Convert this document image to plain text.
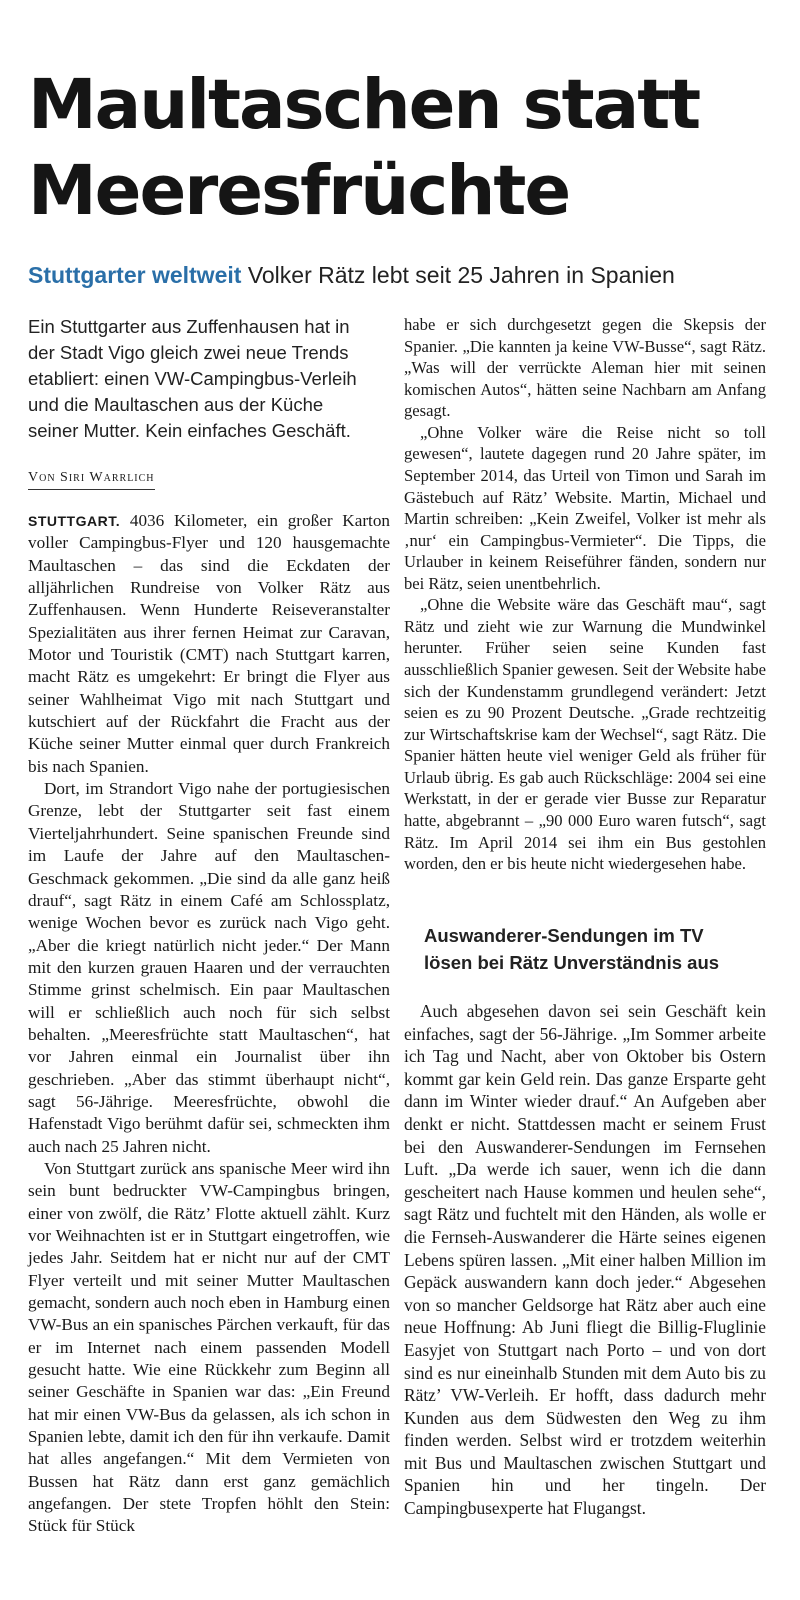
Maultaschen statt Meeresfrüchte

Stuttgarter weltweit Volker Rätz lebt seit 25 Jahren in Spanien

Ein Stuttgarter aus Zuffenhausen hat in der Stadt Vigo gleich zwei neue Trends etabliert: einen VW-Campingbus-Verleih und die Maultaschen aus der Küche seiner Mutter. Kein einfaches Geschäft.

Von Siri Warrlich

STUTTGART. 4036 Kilometer, ein großer Karton voller Campingbus-Flyer und 120 hausgemachte Maultaschen – das sind die Eckdaten der alljährlichen Rundreise von Volker Rätz aus Zuffenhausen. Wenn Hunderte Reiseveranstalter Spezialitäten aus ihrer fernen Heimat zur Caravan, Motor und Touristik (CMT) nach Stuttgart karren, macht Rätz es umgekehrt: Er bringt die Flyer aus seiner Wahlheimat Vigo mit nach Stuttgart und kutschiert auf der Rückfahrt die Fracht aus der Küche seiner Mutter einmal quer durch Frankreich bis nach Spanien.

Dort, im Strandort Vigo nahe der portugiesischen Grenze, lebt der Stuttgarter seit fast einem Vierteljahrhundert. Seine spanischen Freunde sind im Laufe der Jahre auf den Maultaschen-Geschmack gekommen. „Die sind da alle ganz heiß drauf“, sagt Rätz in einem Café am Schlossplatz, wenige Wochen bevor es zurück nach Vigo geht. „Aber die kriegt natürlich nicht jeder.“ Der Mann mit den kurzen grauen Haaren und der verrauchten Stimme grinst schelmisch. Ein paar Maultaschen will er schließlich auch noch für sich selbst behalten. „Meeresfrüchte statt Maultaschen“, hat vor Jahren einmal ein Journalist über ihn geschrieben. „Aber das stimmt überhaupt nicht“, sagt 56-Jährige. Meeresfrüchte, obwohl die Hafenstadt Vigo berühmt dafür sei, schmeckten ihm auch nach 25 Jahren nicht.

Von Stuttgart zurück ans spanische Meer wird ihn sein bunt bedruckter VW-Campingbus bringen, einer von zwölf, die Rätz’ Flotte aktuell zählt. Kurz vor Weihnachten ist er in Stuttgart eingetroffen, wie jedes Jahr. Seitdem hat er nicht nur auf der CMT Flyer verteilt und mit seiner Mutter Maultaschen gemacht, sondern auch noch eben in Hamburg einen VW-Bus an ein spanisches Pärchen verkauft, für das er im Internet nach einem passenden Modell gesucht hatte. Wie eine Rückkehr zum Beginn all seiner Geschäfte in Spanien war das: „Ein Freund hat mir einen VW-Bus da gelassen, als ich schon in Spanien lebte, damit ich den für ihn verkaufe. Damit hat alles angefangen.“ Mit dem Vermieten von Bussen hat Rätz dann erst ganz gemächlich angefangen. Der stete Tropfen höhlt den Stein: Stück für Stück

habe er sich durchgesetzt gegen die Skepsis der Spanier. „Die kannten ja keine VW-Busse“, sagt Rätz. „Was will der verrückte Aleman hier mit seinen komischen Autos“, hätten seine Nachbarn am Anfang gesagt.

„Ohne Volker wäre die Reise nicht so toll gewesen“, lautete dagegen rund 20 Jahre später, im September 2014, das Urteil von Timon und Sarah im Gästebuch auf Rätz’ Website. Martin, Michael und Martin schreiben: „Kein Zweifel, Volker ist mehr als ‚nur‘ ein Campingbus-Vermieter“. Die Tipps, die Urlauber in keinem Reiseführer fänden, sondern nur bei Rätz, seien unentbehrlich.

„Ohne die Website wäre das Geschäft mau“, sagt Rätz und zieht wie zur Warnung die Mundwinkel herunter. Früher seien seine Kunden fast ausschließlich Spanier gewesen. Seit der Website habe sich der Kundenstamm grundlegend verändert: Jetzt seien es zu 90 Prozent Deutsche. „Grade rechtzeitig zur Wirtschaftskrise kam der Wechsel“, sagt Rätz. Die Spanier hätten heute viel weniger Geld als früher für Urlaub übrig. Es gab auch Rückschläge: 2004 sei eine Werkstatt, in der er gerade vier Busse zur Reparatur hatte, abgebrannt – „90 000 Euro waren futsch“, sagt Rätz. Im April 2014 sei ihm ein Bus gestohlen worden, den er bis heute nicht wiedergesehen habe.

Auswanderer-Sendungen im TV lösen bei Rätz Unverständnis aus

Auch abgesehen davon sei sein Geschäft kein einfaches, sagt der 56-Jährige. „Im Sommer arbeite ich Tag und Nacht, aber von Oktober bis Ostern kommt gar kein Geld rein. Das ganze Ersparte geht dann im Winter wieder drauf.“ An Aufgeben aber denkt er nicht. Stattdessen macht er seinem Frust bei den Auswanderer-Sendungen im Fernsehen Luft. „Da werde ich sauer, wenn ich die dann gescheitert nach Hause kommen und heulen sehe“, sagt Rätz und fuchtelt mit den Händen, als wolle er die Fernseh-Auswanderer die Härte seines eigenen Lebens spüren lassen. „Mit einer halben Million im Gepäck auswandern kann doch jeder.“ Abgesehen von so mancher Geldsorge hat Rätz aber auch eine neue Hoffnung: Ab Juni fliegt die Billig-Fluglinie Easyjet von Stuttgart nach Porto – und von dort sind es nur eineinhalb Stunden mit dem Auto bis zu Rätz’ VW-Verleih. Er hofft, dass dadurch mehr Kunden aus dem Südwesten den Weg zu ihm finden werden. Selbst wird er trotzdem weiterhin mit Bus und Maultaschen zwischen Stuttgart und Spanien hin und her tingeln. Der Campingbusexperte hat Flugangst.
